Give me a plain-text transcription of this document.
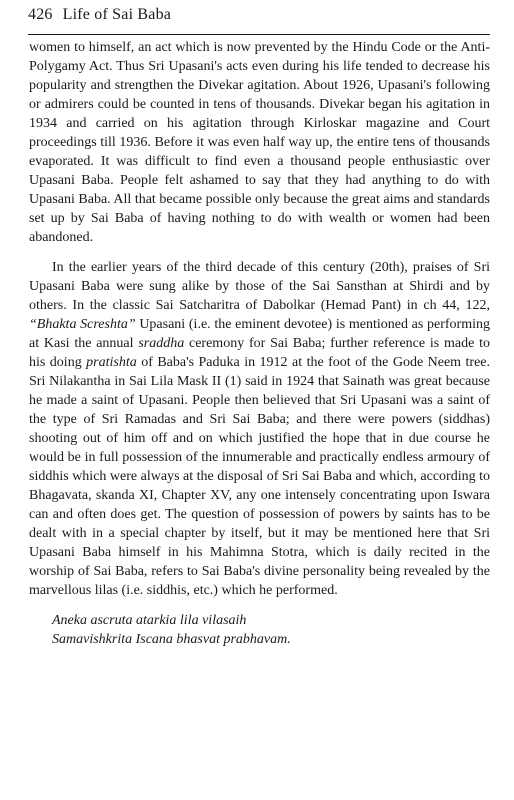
426 Life of Sai Baba

women to himself, an act which is now prevented by the Hindu Code or the Anti-Polygamy Act. Thus Sri Upasani's acts even during his life tended to decrease his popularity and strengthen the Divekar agitation. About 1926, Upasani's following or admirers could be counted in tens of thousands. Divekar began his agitation in 1934 and carried on his agitation through Kirloskar magazine and Court proceedings till 1936. Before it was even half way up, the entire tens of thousands evaporated. It was difficult to find even a thousand people enthusiastic over Upasani Baba. People felt ashamed to say that they had anything to do with Upasani Baba. All that became possible only because the great aims and standards set up by Sai Baba of having nothing to do with wealth or women had been abandoned.

In the earlier years of the third decade of this century (20th), praises of Sri Upasani Baba were sung alike by those of the Sai Sansthan at Shirdi and by others. In the classic Sai Satcharitra of Dabolkar (Hemad Pant) in ch 44, 122, “Bhakta Screshta” Upasani (i.e. the eminent devotee) is mentioned as performing at Kasi the annual sraddha ceremony for Sai Baba; further reference is made to his doing pratishta of Baba's Paduka in 1912 at the foot of the Gode Neem tree. Sri Nilakantha in Sai Lila Mask II (1) said in 1924 that Sainath was great because he made a saint of Upasani. People then believed that Sri Upasani was a saint of the type of Sri Ramadas and Sri Sai Baba; and there were powers (siddhas) shooting out of him off and on which justified the hope that in due course he would be in full possession of the innumerable and practically endless armoury of siddhis which were always at the disposal of Sri Sai Baba and which, according to Bhagavata, skanda XI, Chapter XV, any one intensely concentrating upon Iswara can and often does get. The question of possession of powers by saints has to be dealt with in a special chapter by itself, but it may be mentioned here that Sri Upasani Baba himself in his Mahimna Stotra, which is daily recited in the worship of Sai Baba, refers to Sai Baba's divine personality being revealed by the marvellous lilas (i.e. siddhis, etc.) which he performed.

Aneka ascruta atarkia lila vilasaih
Samavishkrita Iscana bhasvat prabhavam.
